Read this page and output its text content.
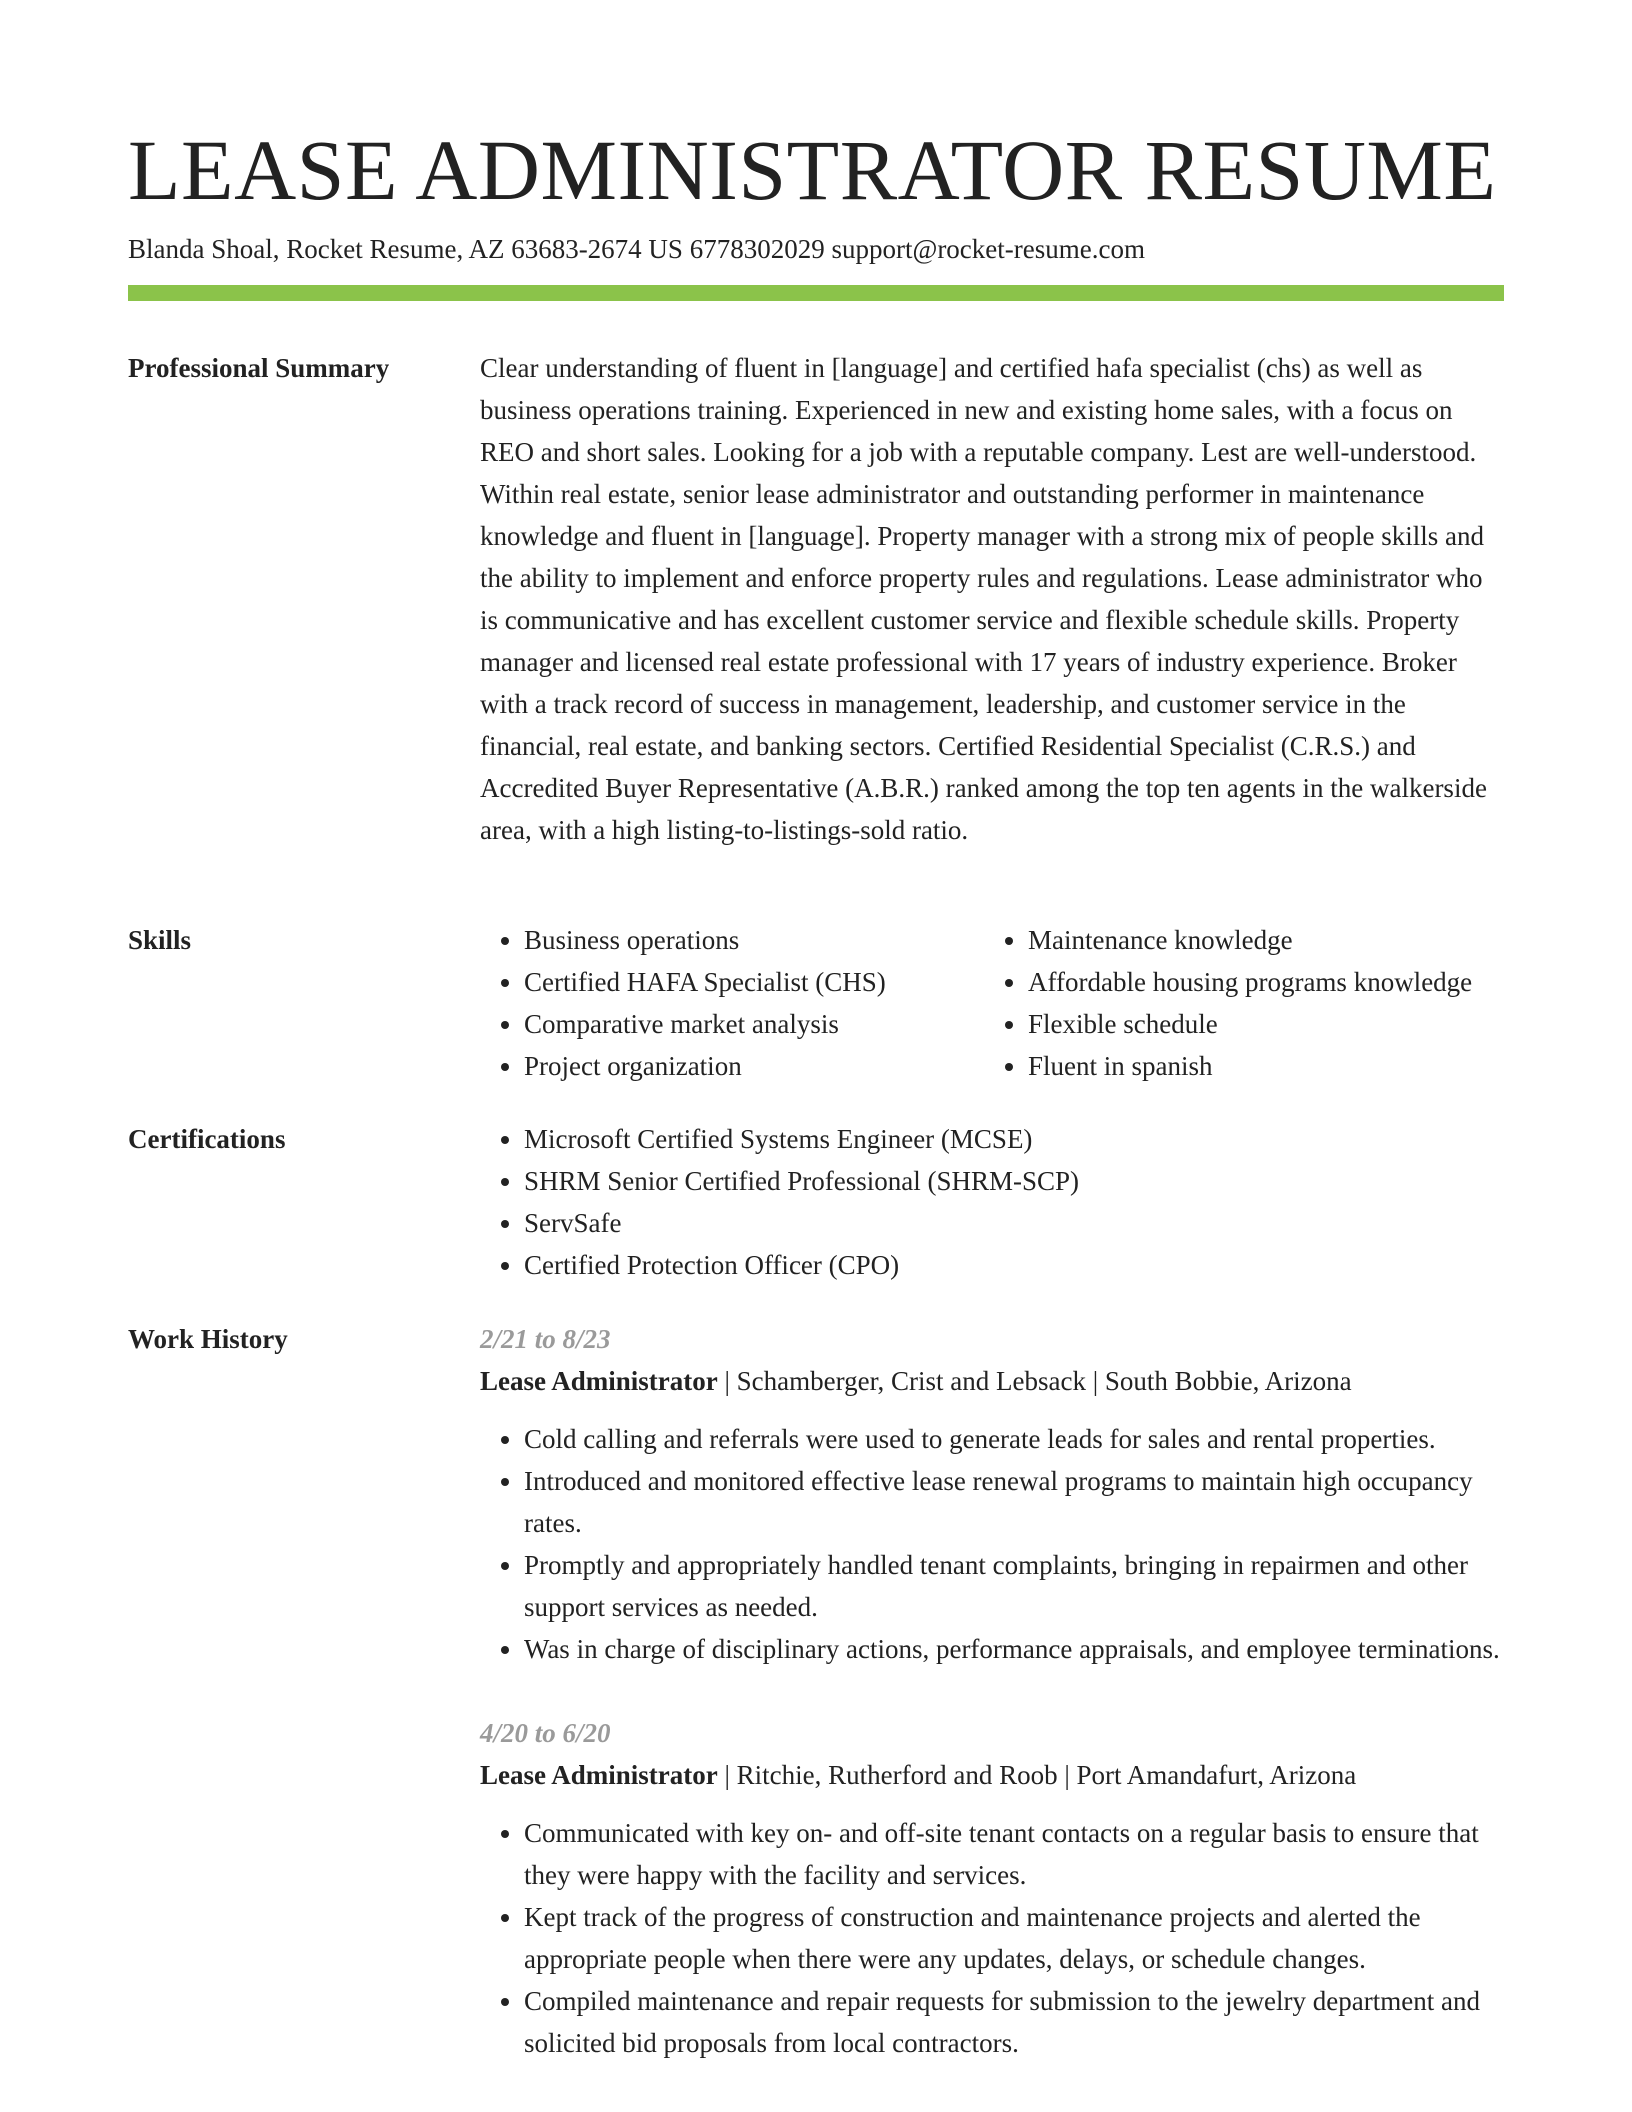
LEASE ADMINISTRATOR RESUME
Blanda Shoal, Rocket Resume, AZ 63683-2674 US 6778302029 support@rocket-resume.com
Professional Summary	Clear understanding of fluent in [language] and certified hafa specialist (chs) as well as business operations training. Experienced in new and existing home sales, with a focus on REO and short sales. Looking for a job with a reputable company. Lest are well-understood. Within real estate, senior lease administrator and outstanding performer in maintenance knowledge and fluent in [language]. Property manager with a strong mix of people skills and the ability to implement and enforce property rules and regulations. Lease administrator who is communicative and has excellent customer service and flexible schedule skills. Property manager and licensed real estate professional with 17 years of industry experience. Broker with a track record of success in management, leadership, and customer service in the financial, real estate, and banking sectors. Certified Residential Specialist (C.R.S.) and Accredited Buyer Representative (A.B.R.) ranked among the top ten agents in the walkerside area, with a high listing-to-listings-sold ratio.

Skills	• Business operations
• Certified HAFA Specialist (CHS)
• Comparative market analysis
• Project organization
• Maintenance knowledge
• Affordable housing programs knowledge
• Flexible schedule
• Fluent in spanish
Certifications	• Microsoft Certified Systems Engineer (MCSE)
• SHRM Senior Certified Professional (SHRM-SCP)
• ServSafe
• Certified Protection Officer (CPO)
Work History	2/21 to 8/23
Lease Administrator | Schamberger, Crist and Lebsack | South Bobbie, Arizona
• Cold calling and referrals were used to generate leads for sales and rental properties.
• Introduced and monitored effective lease renewal programs to maintain high occupancy rates.
• Promptly and appropriately handled tenant complaints, bringing in repairmen and other support services as needed.
• Was in charge of disciplinary actions, performance appraisals, and employee terminations.
4/20 to 6/20
Lease Administrator | Ritchie, Rutherford and Roob | Port Amandafurt, Arizona
• Communicated with key on- and off-site tenant contacts on a regular basis to ensure that they were happy with the facility and services.
• Kept track of the progress of construction and maintenance projects and alerted the appropriate people when there were any updates, delays, or schedule changes.
• Compiled maintenance and repair requests for submission to the jewelry department and solicited bid proposals from local contractors.
